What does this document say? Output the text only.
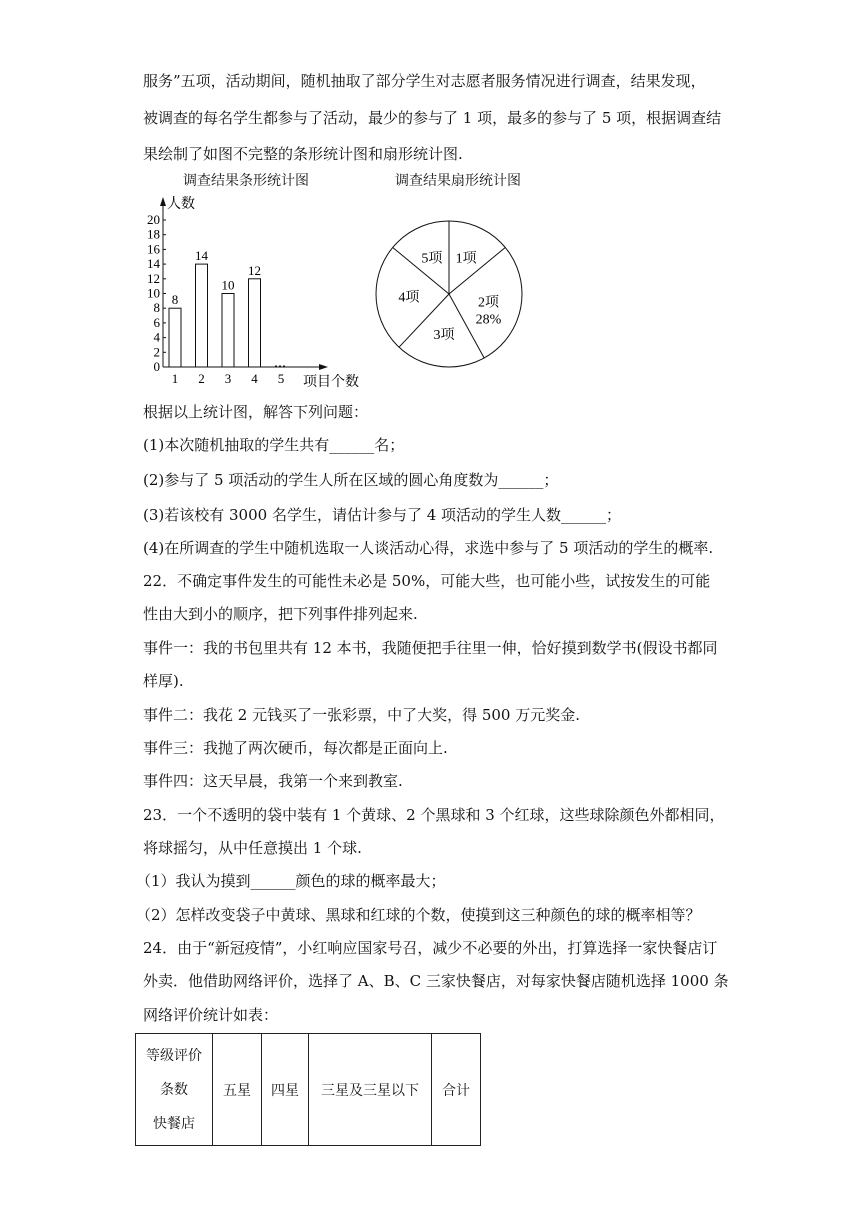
服务”五项，活动期间，随机抽取了部分学生对志愿者服务情况进行调查，结果发现，
被调查的每名学生都参与了活动，最少的参与了 1 项，最多的参与了 5 项，根据调查结
果绘制了如图不完整的条形统计图和扇形统计图.
调查结果条形统计图	调查结果扇形统计图
0
2
4
6
8
10
12
14
16
18
20
人数
项目个数
1
8
2
14
3
10
4
12
5
1项
2项
28%
3项
4项
5项
根据以上统计图，解答下列问题：
(1)本次随机抽取的学生共有______名；
(2)参与了 5 项活动的学生人所在区域的圆心角度数为______；
(3)若该校有 3000 名学生，请估计参与了 4 项活动的学生人数______；
(4)在所调查的学生中随机选取一人谈活动心得，求选中参与了 5 项活动的学生的概率.
22．不确定事件发生的可能性未必是 50%，可能大些，也可能小些，试按发生的可能
性由大到小的顺序，把下列事件排列起来.
事件一：我的书包里共有 12 本书，我随便把手往里一伸，恰好摸到数学书(假设书都同
样厚).
事件二：我花 2 元钱买了一张彩票，中了大奖，得 500 万元奖金.
事件三：我抛了两次硬币，每次都是正面向上.
事件四：这天早晨，我第一个来到教室.
23．一个不透明的袋中装有 1 个黄球、2 个黑球和 3 个红球，这些球除颜色外都相同，
将球摇匀，从中任意摸出 1 个球.
（1）我认为摸到______颜色的球的概率最大；
（2）怎样改变袋子中黄球、黑球和红球的个数，使摸到这三种颜色的球的概率相等？
24．由于“新冠疫情”，小红响应国家号召，减少不必要的外出，打算选择一家快餐店订
外卖．他借助网络评价，选择了 A、B、C 三家快餐店，对每家快餐店随机选择 1000 条
网络评价统计如表：
等级评价
条数
快餐店
	五星	四星	三星及三星以下	合计
